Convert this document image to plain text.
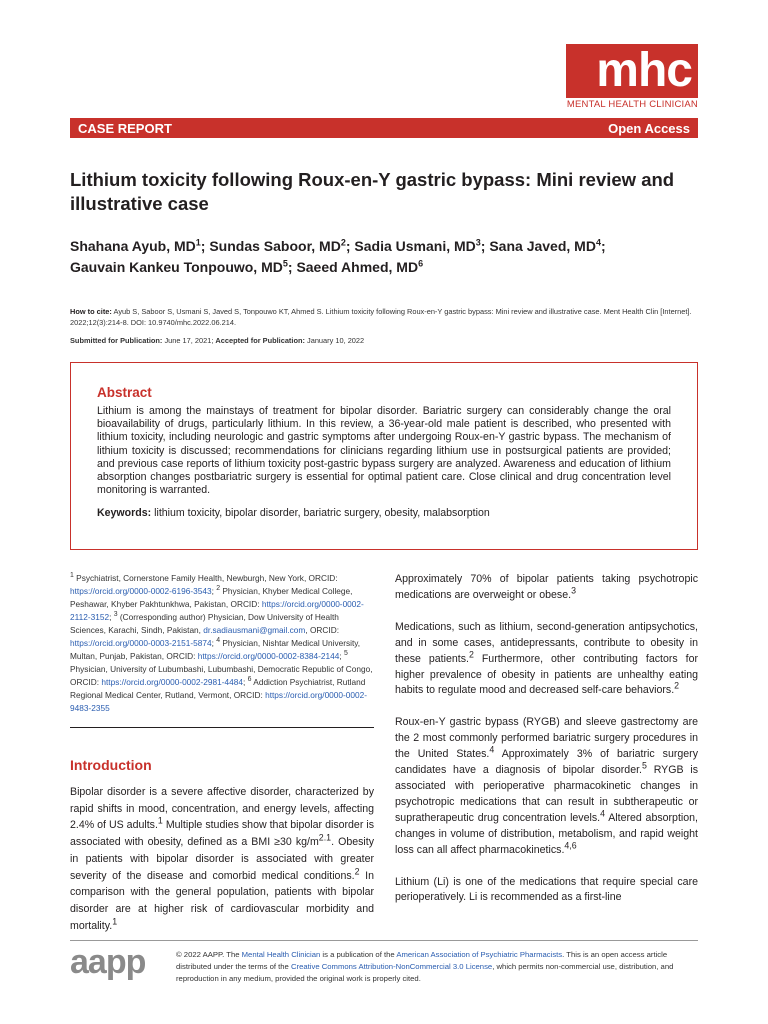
mhc
MENTAL HEALTH CLINICIAN
CASE REPORT	Open Access
Lithium toxicity following Roux-en-Y gastric bypass: Mini review and illustrative case
Shahana Ayub, $MD^1$; Sundas Saboor, $MD^2$; Sadia Usmani, $MD^3$; Sana Javed, $MD^4$;
Gauvain Kankeu Tonpouwo, $MD^5$; Saeed Ahmed, $MD^6$
How to cite: Ayub S, Saboor S, Usmani S, Javed S, Tonpouwo KT, Ahmed S. Lithium toxicity following Roux-en-Y gastric bypass: Mini review and illustrative case. Ment Health Clin [Internet]. 2022;12(3):214-8. DOI: 10.9740/mhc.2022.06.214.
Submitted for Publication: June 17, 2021; Accepted for Publication: January 10, 2022
Abstract

Lithium is among the mainstays of treatment for bipolar disorder. Bariatric surgery can considerably change the oral bioavailability of drugs, particularly lithium. In this review, a 36-year-old male patient is described, who presented with lithium toxicity, including neurologic and gastric symptoms after undergoing Roux-en-Y gastric bypass. The mechanism of lithium toxicity is discussed; recommendations for clinicians regarding lithium use in postsurgical patients are provided; and previous case reports of lithium toxicity post-gastric bypass surgery are analyzed. Awareness and education of lithium absorption changes postbariatric surgery is essential for optimal patient care. Close clinical and drug concentration level monitoring is warranted.

Keywords: lithium toxicity, bipolar disorder, bariatric surgery, obesity, malabsorption

$^1$ Psychiatrist, Cornerstone Family Health, Newburgh, New York, ORCID: https://orcid.org/0000-0002-6196-3543; $^2$ Physician, Khyber Medical College, Peshawar, Khyber Pakhtunkhwa, Pakistan, ORCID: https://orcid.org/0000-0002-2112-3152; $^3$ (Corresponding author) Physician, Dow University of Health Sciences, Karachi, Sindh, Pakistan, dr.sadiausmani@gmail.com, ORCID: https://orcid.org/0000-0003-2151-5874; $^4$ Physician, Nishtar Medical University, Multan, Punjab, Pakistan, ORCID: https://orcid.org/0000-0002-8384-2144; $^5$ Physician, University of Lubumbashi, Lubumbashi, Democratic Republic of Congo, ORCID: https://orcid.org/0000-0002-2981-4484; $^6$ Addiction Psychiatrist, Rutland Regional Medical Center, Rutland, Vermont, ORCID: https://orcid.org/0000-0002-9483-2355
Introduction

Bipolar disorder is a severe affective disorder, characterized by rapid shifts in mood, concentration, and energy levels, affecting 2.4% of US adults.$^1$ Multiple studies show that bipolar disorder is associated with obesity, defined as a BMI ≥30 $kg/m^{2.1}$. Obesity in patients with bipolar disorder is associated with greater severity of the disease and comorbid medical conditions.$^2$ In comparison with the general population, patients with bipolar disorder are at higher risk of cardiovascular morbidity and mortality.$^1$

Approximately 70% of bipolar patients taking psychotropic medications are overweight or obese.$^3$

Medications, such as lithium, second-generation antipsychotics, and in some cases, antidepressants, contribute to obesity in these patients.$^2$ Furthermore, other contributing factors for higher prevalence of obesity in patients are unhealthy eating habits to regulate mood and decreased self-care behaviors.$^2$

Roux-en-Y gastric bypass (RYGB) and sleeve gastrectomy are the 2 most commonly performed bariatric surgery procedures in the United States.$^4$ Approximately 3% of bariatric surgery candidates have a diagnosis of bipolar disorder.$^5$ RYGB is associated with perioperative pharmacokinetic changes in psychotropic medications that can result in subtherapeutic or supratherapeutic drug concentration levels.$^4$ Altered absorption, changes in volume of distribution, metabolism, and rapid weight loss can all affect pharmacokinetics.$^{4,6}$

Lithium (Li) is one of the medications that require special care perioperatively. Li is recommended as a first-line

aapp	© 2022 AAPP. The Mental Health Clinician is a publication of the American Association of Psychiatric Pharmacists. This is an open access article distributed under the terms of the Creative Commons Attribution-NonCommercial 3.0 License, which permits non-commercial use, distribution, and reproduction in any medium, provided the original work is properly cited.
